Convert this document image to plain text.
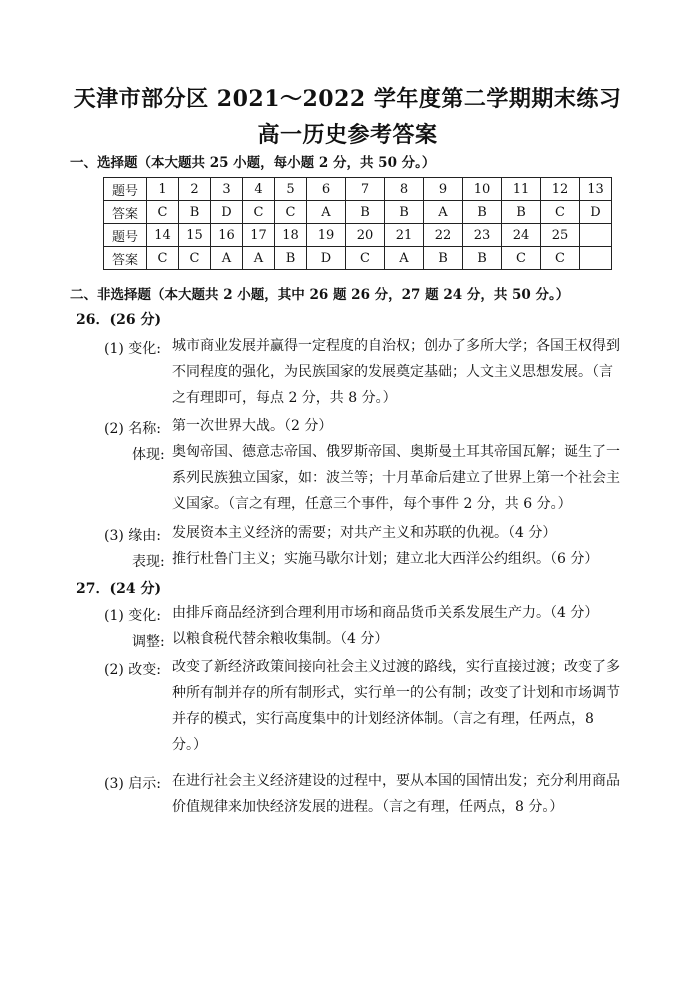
天津市部分区 2021～2022 学年度第二学期期末练习
高一历史参考答案
一、选择题（本大题共 25 小题，每小题 2 分，共 50 分。）
题号	1	2	3	4	5	6	7	8	9	10	11	12	13
答案	C	B	D	C	C	A	B	B	A	B	B	C	D
题号	14	15	16	17	18	19	20	21	22	23	24	25	
答案	C	C	A	A	B	D	C	A	B	B	C	C	
二、非选择题（本大题共 2 小题，其中 26 题 26 分，27 题 24 分，共 50 分。）
26．(26 分)
(1) 变化: 城市商业发展并赢得一定程度的自治权；创办了多所大学；各国王权得到
不同程度的强化，为民族国家的发展奠定基础；人文主义思想发展。（言
之有理即可，每点 2 分，共 8 分。）
(2) 名称: 第一次世界大战。（2 分）
体现: 奥匈帝国、德意志帝国、俄罗斯帝国、奥斯曼土耳其帝国瓦解；诞生了一
系列民族独立国家，如：波兰等；十月革命后建立了世界上第一个社会主
义国家。（言之有理，任意三个事件，每个事件 2 分，共 6 分。）
(3) 缘由: 发展资本主义经济的需要；对共产主义和苏联的仇视。（4 分）
表现: 推行杜鲁门主义；实施马歇尔计划；建立北大西洋公约组织。（6 分）
27．(24 分)
(1) 变化: 由排斥商品经济到合理利用市场和商品货币关系发展生产力。（4 分）
调整: 以粮食税代替余粮收集制。（4 分）
(2) 改变: 改变了新经济政策间接向社会主义过渡的路线，实行直接过渡；改变了多
种所有制并存的所有制形式，实行单一的公有制；改变了计划和市场调节
并存的模式，实行高度集中的计划经济体制。（言之有理，任两点，8
分。）
(3) 启示: 在进行社会主义经济建设的过程中，要从本国的国情出发；充分利用商品
价值规律来加快经济发展的进程。（言之有理，任两点，8 分。）
